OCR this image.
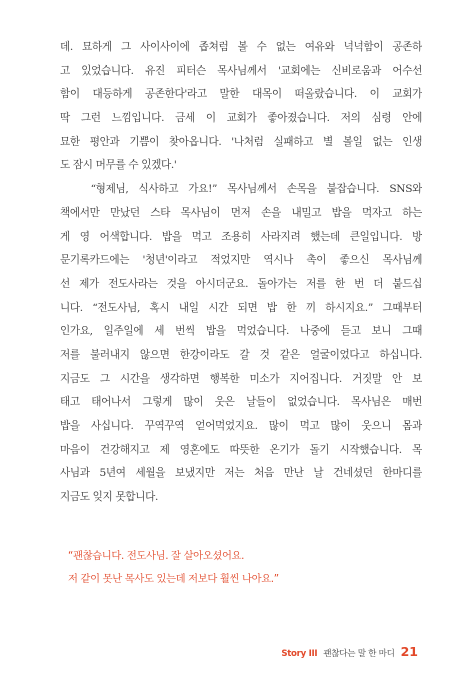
데. 묘하게 그 사이사이에 좁쳐럼 볼 수 없는 여유와 넉넉함이 공존하
고 있었습니다. 유진 피터슨 목사님께서 '교회에는 신비로움과 어수선
함이 대등하게 공존한다'라고 말한 대목이 떠올랐습니다. 이 교회가
딱 그런 느낌입니다. 금세 이 교회가 좋아졌습니다. 저의 심령 안에
묘한 평안과 기쁨이 찾아옵니다. '나처럼 실패하고 별 볼일 없는 인생
도 잠시 머무를 수 있겠다.'
“형제님, 식사하고 가요!” 목사님께서 손목을 붙잡습니다. SNS와
책에서만 만났던 스타 목사님이 먼저 손을 내밀고 밥을 먹자고 하는
게 영 어색합니다. 밥을 먹고 조용히 사라지려 했는데 큰일입니다. 방
문기록카드에는 '청년'이라고 적었지만 역시나 촉이 좋으신 목사님께
선 제가 전도사라는 것을 아시더군요. 돌아가는 저를 한 번 더 붙드십
니다. “전도사님, 혹시 내일 시간 되면 밥 한 끼 하시지요.” 그때부터
인가요, 일주일에 세 번씩 밥을 먹었습니다. 나중에 듣고 보니 그때
저를 불러내지 않으면 한강이라도 갈 것 같은 얼굴이었다고 하십니다.
지금도 그 시간을 생각하면 행복한 미소가 지어집니다. 거짓말 안 보
태고 태어나서 그렇게 많이 웃은 날들이 없었습니다. 목사님은 매번
밥을 사십니다. 꾸역꾸역 얻어먹었지요. 많이 먹고 많이 웃으니 몸과
마음이 건강해지고 제 영혼에도 따뜻한 온기가 돌기 시작했습니다. 목
사님과 5년여 세월을 보냈지만 저는 처음 만난 날 건네셨던 한마디를
지금도 잊지 못합니다.
“괜찮습니다. 전도사님. 잘 살아오셨어요.
저 같이 못난 목사도 있는데 저보다 훨씬 나아요.”
Story III 괜찮다는 말 한 마디 21
